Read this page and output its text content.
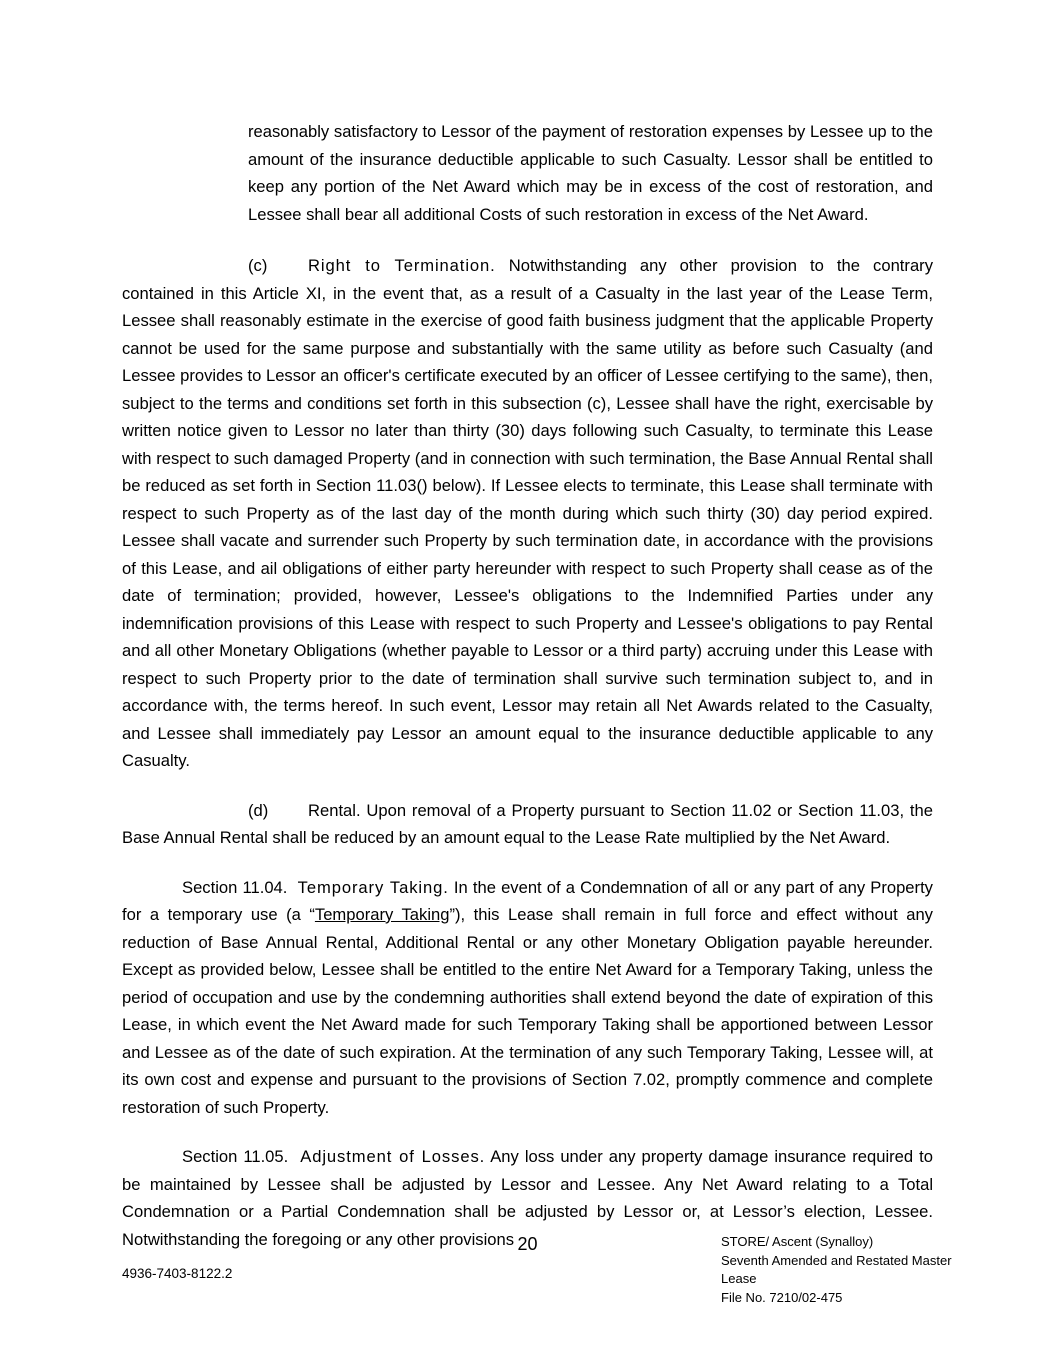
reasonably satisfactory to Lessor of the payment of restoration expenses by Lessee up to the amount of the insurance deductible applicable to such Casualty. Lessor shall be entitled to keep any portion of the Net Award which may be in excess of the cost of restoration, and Lessee shall bear all additional Costs of such restoration in excess of the Net Award.

(c) Right to Termination. Notwithstanding any other provision to the contrary contained in this Article XI, in the event that, as a result of a Casualty in the last year of the Lease Term, Lessee shall reasonably estimate in the exercise of good faith business judgment that the applicable Property cannot be used for the same purpose and substantially with the same utility as before such Casualty (and Lessee provides to Lessor an officer's certificate executed by an officer of Lessee certifying to the same), then, subject to the terms and conditions set forth in this subsection (c), Lessee shall have the right, exercisable by written notice given to Lessor no later than thirty (30) days following such Casualty, to terminate this Lease with respect to such damaged Property (and in connection with such termination, the Base Annual Rental shall be reduced as set forth in Section 11.03() below). If Lessee elects to terminate, this Lease shall terminate with respect to such Property as of the last day of the month during which such thirty (30) day period expired. Lessee shall vacate and surrender such Property by such termination date, in accordance with the provisions of this Lease, and ail obligations of either party hereunder with respect to such Property shall cease as of the date of termination; provided, however, Lessee's obligations to the Indemnified Parties under any indemnification provisions of this Lease with respect to such Property and Lessee's obligations to pay Rental and all other Monetary Obligations (whether payable to Lessor or a third party) accruing under this Lease with respect to such Property prior to the date of termination shall survive such termination subject to, and in accordance with, the terms hereof. In such event, Lessor may retain all Net Awards related to the Casualty, and Lessee shall immediately pay Lessor an amount equal to the insurance deductible applicable to any Casualty.

(d) Rental. Upon removal of a Property pursuant to Section 11.02 or Section 11.03, the Base Annual Rental shall be reduced by an amount equal to the Lease Rate multiplied by the Net Award.

Section 11.04. Temporary Taking. In the event of a Condemnation of all or any part of any Property for a temporary use (a “Temporary Taking”), this Lease shall remain in full force and effect without any reduction of Base Annual Rental, Additional Rental or any other Monetary Obligation payable hereunder. Except as provided below, Lessee shall be entitled to the entire Net Award for a Temporary Taking, unless the period of occupation and use by the condemning authorities shall extend beyond the date of expiration of this Lease, in which event the Net Award made for such Temporary Taking shall be apportioned between Lessor and Lessee as of the date of such expiration. At the termination of any such Temporary Taking, Lessee will, at its own cost and expense and pursuant to the provisions of Section 7.02, promptly commence and complete restoration of such Property.

Section 11.05. Adjustment of Losses. Any loss under any property damage insurance required to be maintained by Lessee shall be adjusted by Lessor and Lessee. Any Net Award relating to a Total Condemnation or a Partial Condemnation shall be adjusted by Lessor or, at Lessor’s election, Lessee. Notwithstanding the foregoing or any other provisions 20
4936-7403-8122.2
STORE/ Ascent (Synalloy)
Seventh Amended and Restated Master Lease
File No. 7210/02-475
